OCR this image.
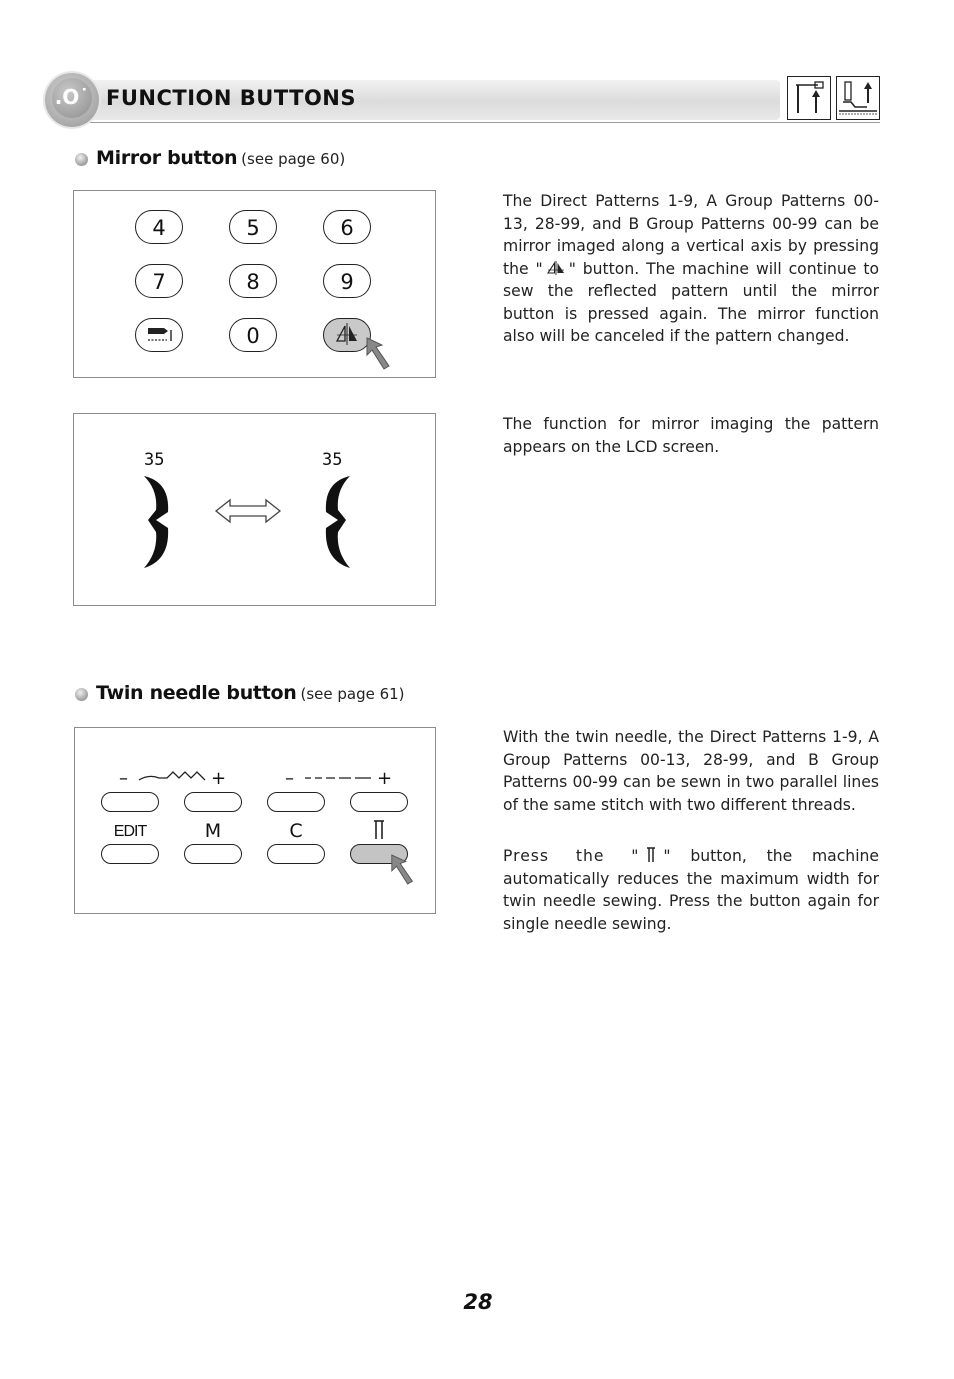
.O˙ FUNCTION BUTTONS
Mirror button (see page 60)
4	5	6
7	8	9
0
35	35
The Direct Patterns 1-9, A Group Patterns 00-13, 28-99, and B Group Patterns 00-99 can be mirror imaged along a vertical axis by pressing the " " button. The machine will continue to sew the reflected pattern until the mirror button is pressed again. The mirror function also will be canceled if the pattern changed.
The function for mirror imaging the pattern appears on the LCD screen.
Twin needle button (see page 61)
–	+	–	+
EDIT	M	C
With the twin needle, the Direct Patterns 1-9, A Group Patterns 00-13, 28-99, and B Group Patterns 00-99 can be sewn in two parallel lines of the same stitch with two different threads.
Press the " " button, the machine automatically reduces the maximum width for twin needle sewing. Press the button again for single needle sewing.
28
